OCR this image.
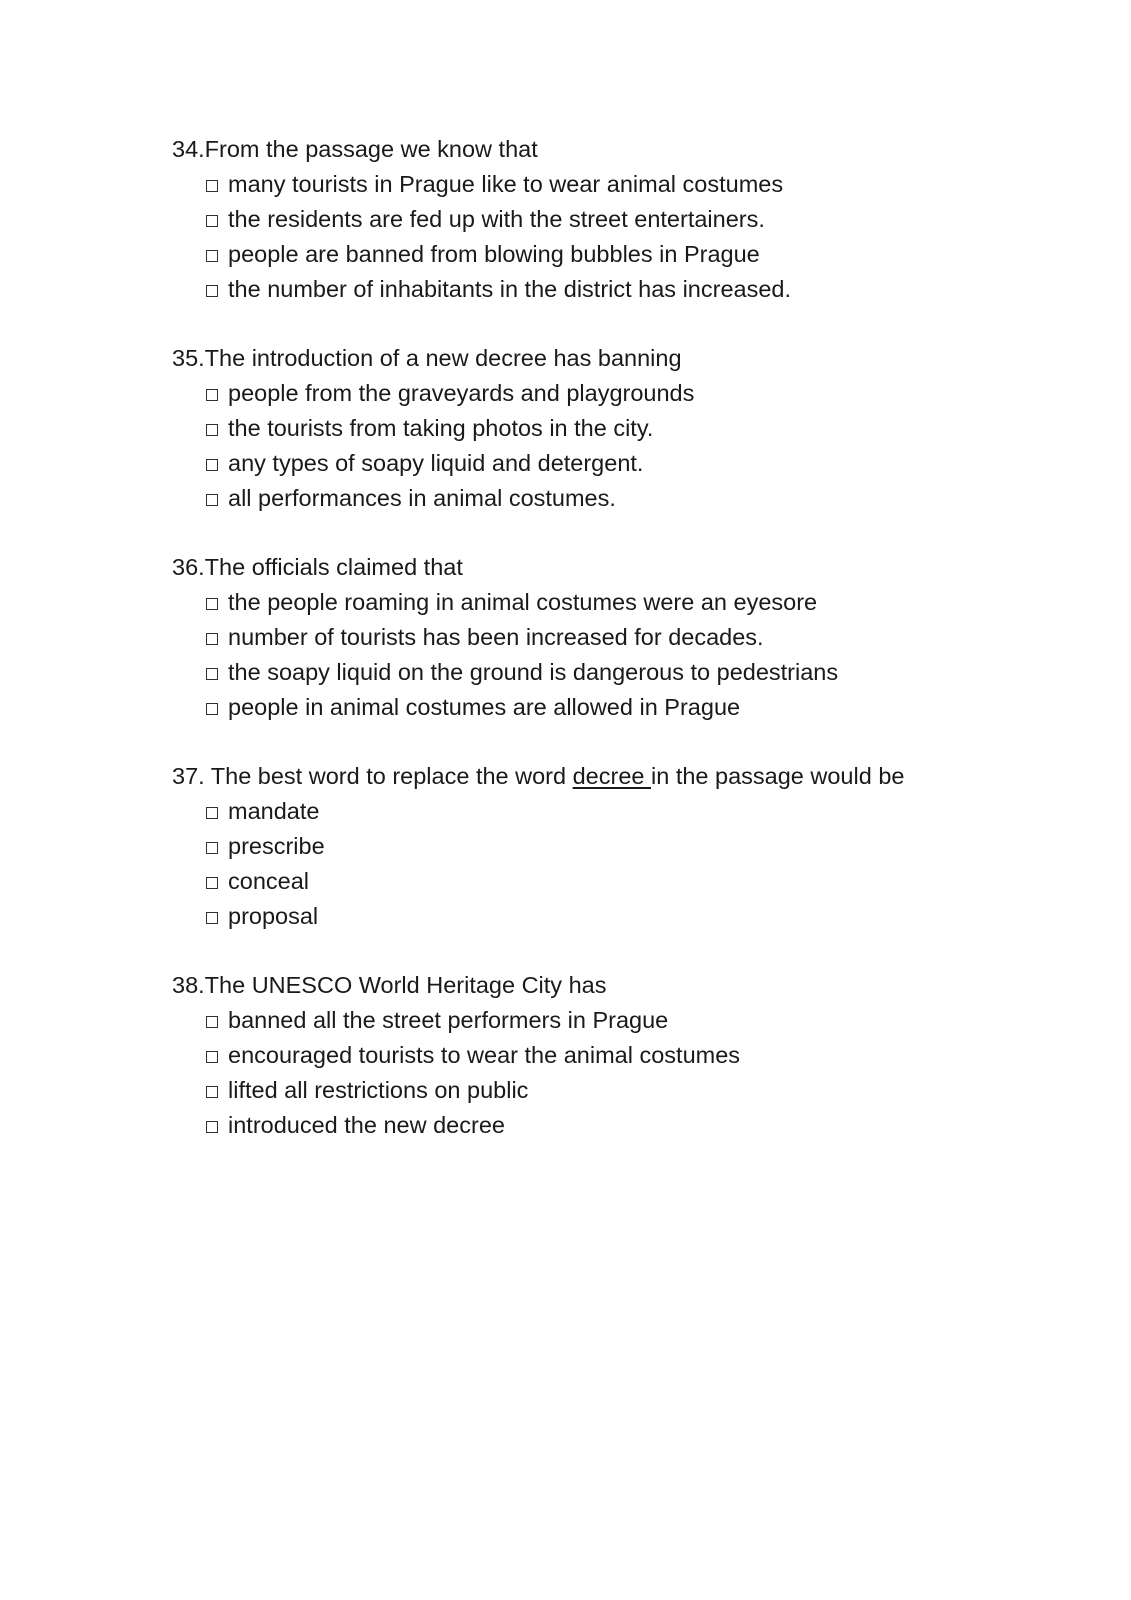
34.From the passage we know that
many tourists in Prague like to wear animal costumes
the residents are fed up with the street entertainers.
people are banned from blowing bubbles in Prague
the number of inhabitants in the district has increased.
35.The introduction of a new decree has banning
people from the graveyards and playgrounds
the tourists from taking photos in the city.
any types of soapy liquid and detergent.
all performances in animal costumes.
36.The officials claimed that
the people roaming in animal costumes were an eyesore
number of tourists has been increased for decades.
the soapy liquid on the ground is dangerous to pedestrians
people in animal costumes are allowed in Prague
37. The best word to replace the word decree in the passage would be
mandate
prescribe
conceal
proposal
38.The UNESCO World Heritage City has
banned all the street performers in Prague
encouraged tourists to wear the animal costumes
lifted all restrictions on public
introduced the new decree
